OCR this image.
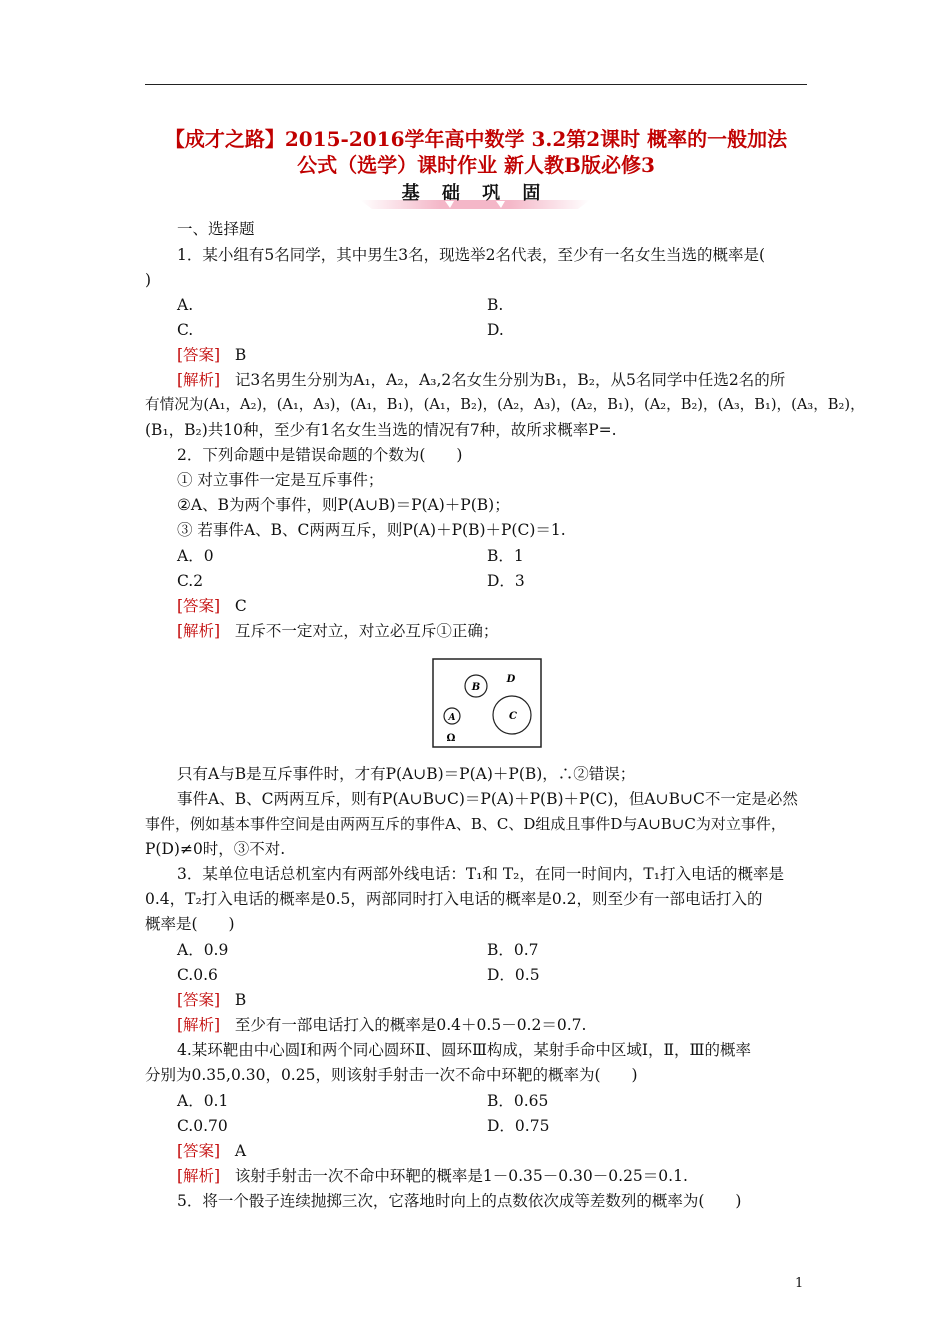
【成才之路】2015-2016学年高中数学 3.2第2课时 概率的一般加法
公式（选学）课时作业 新人教B版必修3
基 础 巩 固
一、选择题
1．某小组有5名同学，其中男生3名，现选举2名代表，至少有一名女生当选的概率是(
)
A.	B.
C.	D.
[答案] B
[解析] 记3名男生分别为A₁，A₂，A₃,2名女生分别为B₁，B₂，从5名同学中任选2名的所
有情况为(A₁，A₂)，(A₁，A₃)，(A₁，B₁)，(A₁，B₂)，(A₂，A₃)，(A₂，B₁)，(A₂，B₂)，(A₃，B₁)，(A₃，B₂)，
(B₁，B₂)共10种，至少有1名女生当选的情况有7种，故所求概率P=.
2．下列命题中是错误命题的个数为(　　)
① 对立事件一定是互斥事件；
②A、B为两个事件，则P(A∪B)＝P(A)＋P(B)；
③ 若事件A、B、C两两互斥，则P(A)＋P(B)＋P(C)＝1.
A．0	B．1
C.2	D．3
[答案] C
[解析] 互斥不一定对立，对立必互斥①正确；
B
D
C
A
Ω
只有A与B是互斥事件时，才有P(A∪B)＝P(A)＋P(B)，∴②错误；
事件A、B、C两两互斥，则有P(A∪B∪C)＝P(A)＋P(B)＋P(C)，但A∪B∪C不一定是必然
事件，例如基本事件空间是由两两互斥的事件A、B、C、D组成且事件D与A∪B∪C为对立事件，
P(D)≠0时，③不对.
3．某单位电话总机室内有两部外线电话：T₁和 T₂，在同一时间内，T₁打入电话的概率是
0.4，T₂打入电话的概率是0.5，两部同时打入电话的概率是0.2，则至少有一部电话打入的
概率是(　　)
A．0.9	B．0.7
C.0.6	D．0.5
[答案] B
[解析] 至少有一部电话打入的概率是0.4＋0.5－0.2＝0.7.
4.某环靶由中心圆Ⅰ和两个同心圆环Ⅱ、圆环Ⅲ构成，某射手命中区域Ⅰ，Ⅱ，Ⅲ的概率
分别为0.35,0.30，0.25，则该射手射击一次不命中环靶的概率为(　　)
A．0.1	B．0.65
C.0.70	D．0.75
[答案] A
[解析] 该射手射击一次不命中环靶的概率是1－0.35－0.30－0.25＝0.1.
5．将一个骰子连续抛掷三次，它落地时向上的点数依次成等差数列的概率为(　　)
1
